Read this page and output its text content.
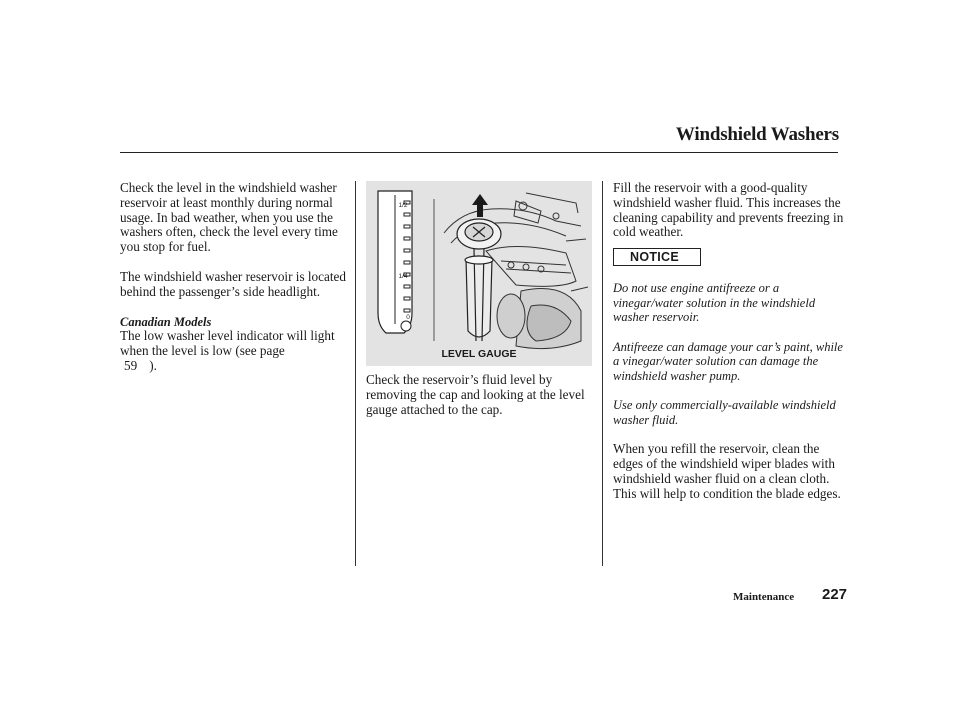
Windshield Washers

Check the level in the windshield washer reservoir at least monthly during normal usage. In bad weather, when you use the washers often, check the level every time you stop for fuel.

The windshield washer reservoir is located behind the passenger’s side headlight.

Canadian Models

The low washer level indicator will light when the level is low (see page
59 ).

1/2
1/4
0
LEVEL GAUGE

Check the reservoir’s fluid level by removing the cap and looking at the level gauge attached to the cap.

Fill the reservoir with a good-quality windshield washer fluid. This increases the cleaning capability and prevents freezing in cold weather.

NOTICE

Do not use engine antifreeze or a vinegar/water solution in the windshield washer reservoir.

Antifreeze can damage your car’s paint, while a vinegar/water solution can damage the windshield washer pump.

Use only commercially-available windshield washer fluid.

When you refill the reservoir, clean the edges of the windshield wiper blades with windshield washer fluid on a clean cloth. This will help to condition the blade edges.

Maintenance 227
